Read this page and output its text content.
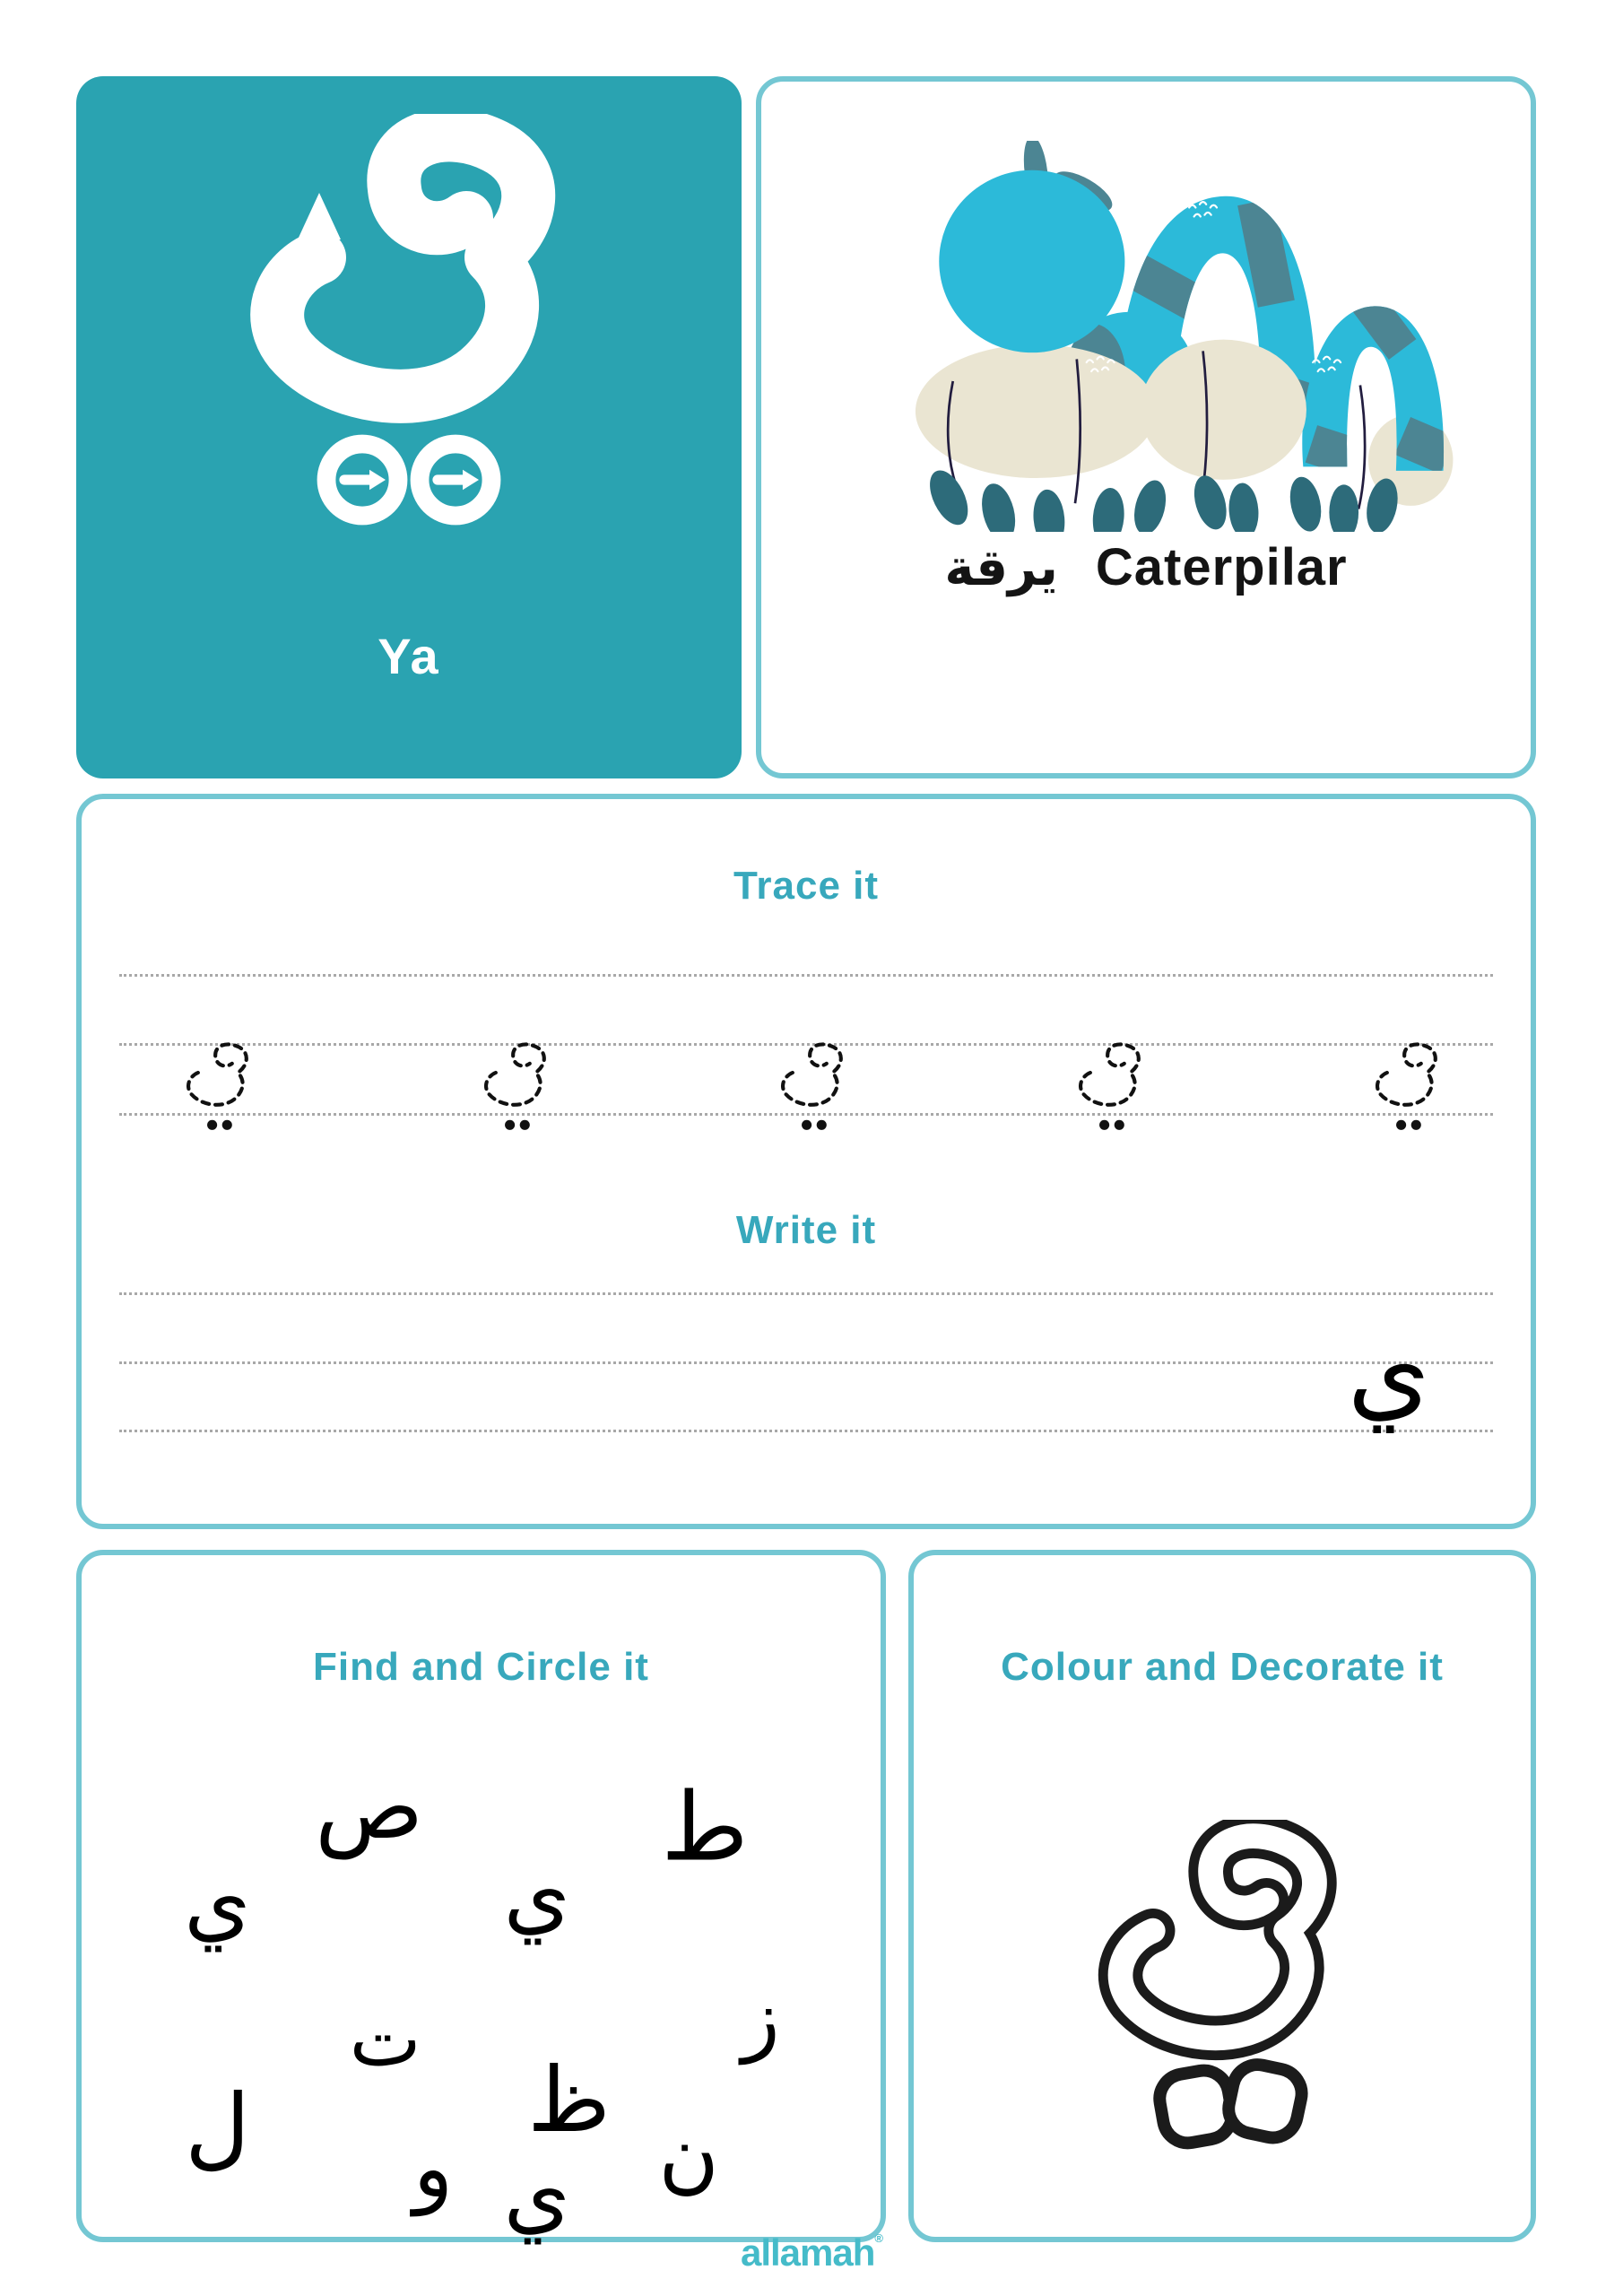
Ya
يرقة Caterpilar
Trace it
Write it
ي
Find and Circle it
ص	ط
ي	ي
ت	ز
ل	ظ
و ن
ي
Colour and Decorate it
allamah®
